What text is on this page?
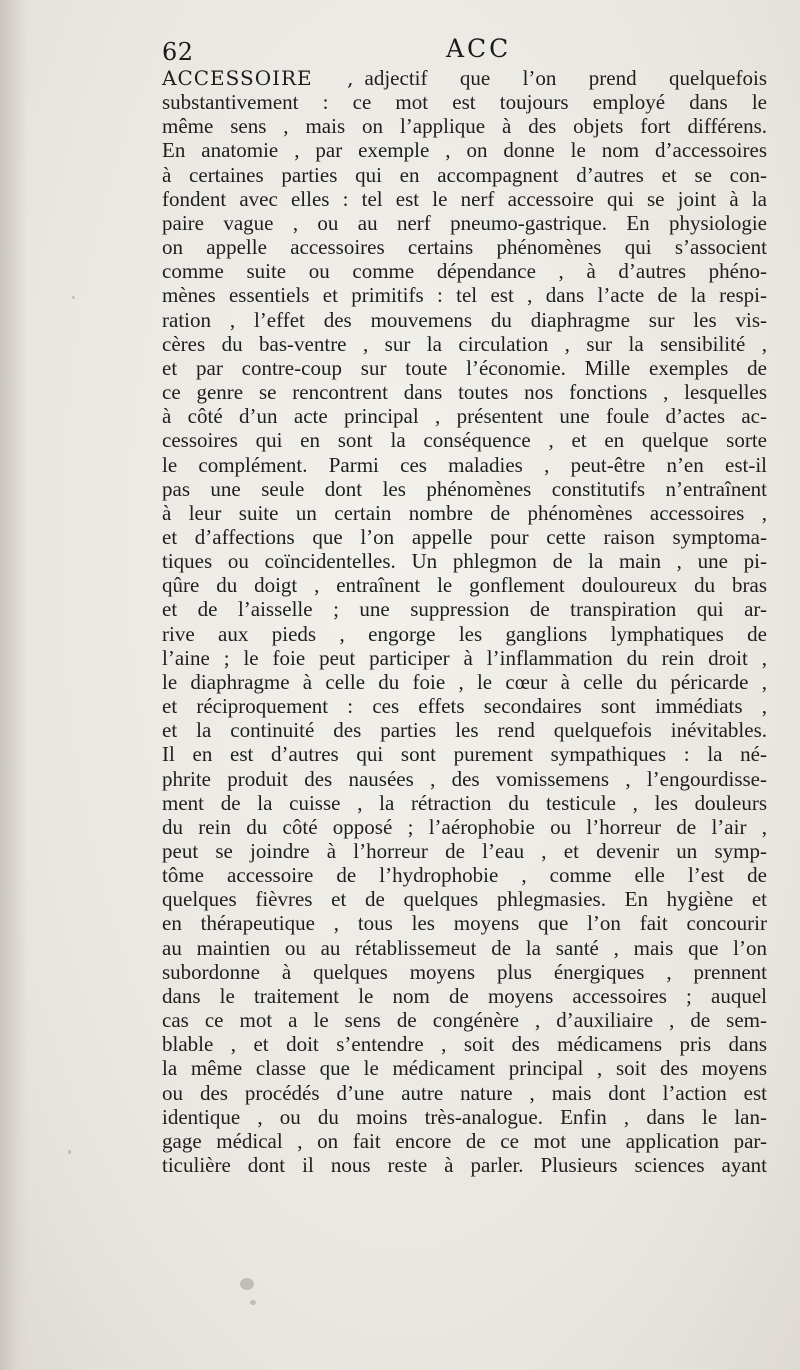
62	ACC
ACCESSOIRE , adjectif que l’on prend quelquefois
substantivement : ce mot est toujours employé dans le
même sens , mais on l’applique à des objets fort différens.
En anatomie , par exemple , on donne le nom d’accessoires
à certaines parties qui en accompagnent d’autres et se con-
fondent avec elles : tel est le nerf accessoire qui se joint à la
paire vague , ou au nerf pneumo-gastrique. En physiologie
on appelle accessoires certains phénomènes qui s’associent
comme suite ou comme dépendance , à d’autres phéno-
mènes essentiels et primitifs : tel est , dans l’acte de la respi-
ration , l’effet des mouvemens du diaphragme sur les vis-
cères du bas-ventre , sur la circulation , sur la sensibilité ,
et par contre-coup sur toute l’économie. Mille exemples de
ce genre se rencontrent dans toutes nos fonctions , lesquelles
à côté d’un acte principal , présentent une foule d’actes ac-
cessoires qui en sont la conséquence , et en quelque sorte
le complément. Parmi ces maladies , peut-être n’en est-il
pas une seule dont les phénomènes constitutifs n’entraînent
à leur suite un certain nombre de phénomènes accessoires ,
et d’affections que l’on appelle pour cette raison symptoma-
tiques ou coïncidentelles. Un phlegmon de la main , une pi-
qûre du doigt , entraînent le gonflement douloureux du bras
et de l’aisselle ; une suppression de transpiration qui ar-
rive aux pieds , engorge les ganglions lymphatiques de
l’aine ; le foie peut participer à l’inflammation du rein droit ,
le diaphragme à celle du foie , le cœur à celle du péricarde ,
et réciproquement : ces effets secondaires sont immédiats ,
et la continuité des parties les rend quelquefois inévitables.
Il en est d’autres qui sont purement sympathiques : la né-
phrite produit des nausées , des vomissemens , l’engourdisse-
ment de la cuisse , la rétraction du testicule , les douleurs
du rein du côté opposé ; l’aérophobie ou l’horreur de l’air ,
peut se joindre à l’horreur de l’eau , et devenir un symp-
tôme accessoire de l’hydrophobie , comme elle l’est de
quelques fièvres et de quelques phlegmasies. En hygiène et
en thérapeutique , tous les moyens que l’on fait concourir
au maintien ou au rétablissemeut de la santé , mais que l’on
subordonne à quelques moyens plus énergiques , prennent
dans le traitement le nom de moyens accessoires ; auquel
cas ce mot a le sens de congénère , d’auxiliaire , de sem-
blable , et doit s’entendre , soit des médicamens pris dans
la même classe que le médicament principal , soit des moyens
ou des procédés d’une autre nature , mais dont l’action est
identique , ou du moins très-analogue. Enfin , dans le lan-
gage médical , on fait encore de ce mot une application par-
ticulière dont il nous reste à parler. Plusieurs sciences ayant
